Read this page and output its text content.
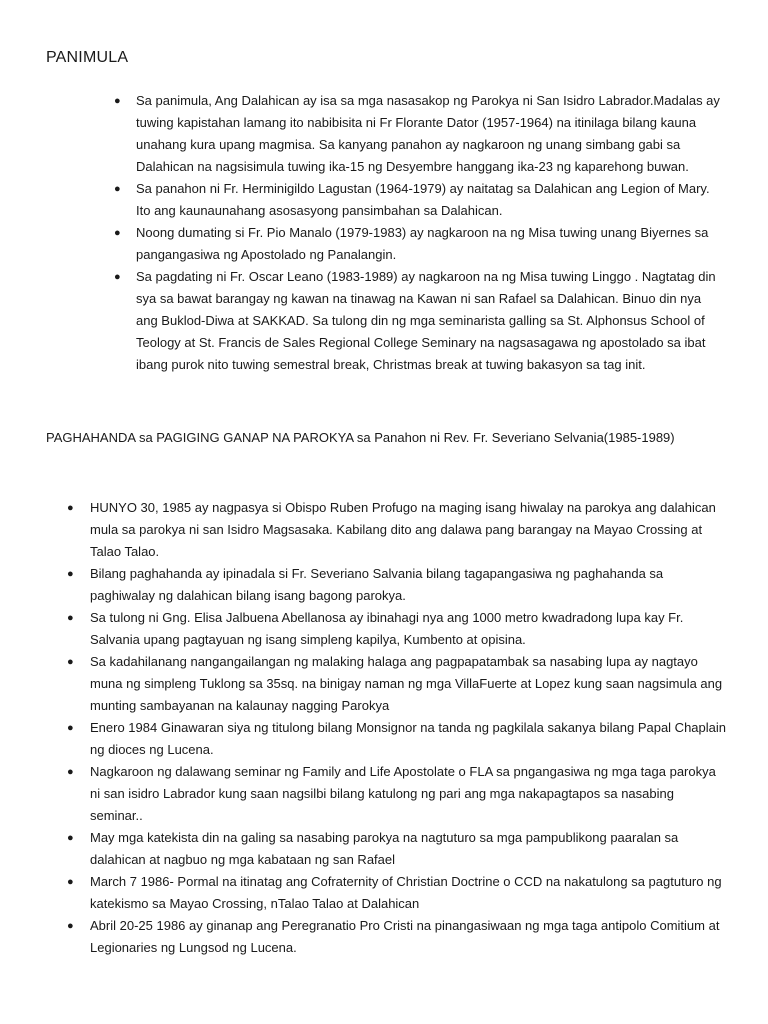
PANIMULA
● Sa panimula, Ang Dalahican ay isa sa mga nasasakop ng Parokya ni San Isidro Labrador.Madalas ay tuwing kapistahan lamang ito nabibisita ni Fr Florante Dator (1957-1964) na itinilaga bilang kauna unahang kura upang magmisa. Sa kanyang panahon ay nagkaroon ng unang simbang gabi sa Dalahican na nagsisimula tuwing ika-15 ng Desyembre hanggang ika-23 ng kaparehong buwan.
● Sa panahon ni Fr. Herminigildo Lagustan (1964-1979) ay naitatag sa Dalahican ang Legion of Mary. Ito ang kaunaunahang asosasyong pansimbahan sa Dalahican.
● Noong dumating si Fr. Pio Manalo (1979-1983) ay nagkaroon na ng Misa tuwing unang Biyernes sa pangangasiwa ng Apostolado ng Panalangin.
● Sa pagdating ni Fr. Oscar Leano (1983-1989) ay nagkaroon na ng Misa tuwing Linggo . Nagtatag din sya sa bawat barangay ng kawan na tinawag na Kawan ni san Rafael sa Dalahican. Binuo din nya ang Buklod-Diwa at SAKKAD. Sa tulong din ng mga seminarista galling sa St. Alphonsus School of Teology at St. Francis de Sales Regional College Seminary na nagsasagawa ng apostolado sa ibat ibang purok nito tuwing semestral break, Christmas break at tuwing bakasyon sa tag init.
PAGHAHANDA sa PAGIGING GANAP NA PAROKYA sa Panahon ni Rev. Fr. Severiano Selvania(1985-1989)
● HUNYO 30, 1985 ay nagpasya si Obispo Ruben Profugo na maging isang hiwalay na parokya ang dalahican mula sa parokya ni san Isidro Magsasaka. Kabilang dito ang dalawa pang barangay na Mayao Crossing at Talao Talao.
● Bilang paghahanda ay ipinadala si Fr. Severiano Salvania bilang tagapangasiwa ng paghahanda sa paghiwalay ng dalahican bilang isang bagong parokya.
● Sa tulong ni Gng. Elisa Jalbuena Abellanosa ay ibinahagi nya ang 1000 metro kwadradong lupa kay Fr. Salvania upang pagtayuan ng isang simpleng kapilya, Kumbento at opisina.
● Sa kadahilanang nangangailangan ng malaking halaga ang pagpapatambak sa nasabing lupa ay nagtayo muna ng simpleng Tuklong sa 35sq. na binigay naman ng mga VillaFuerte at Lopez kung saan nagsimula ang munting sambayanan na kalaunay nagging Parokya
● Enero 1984 Ginawaran siya ng titulong bilang Monsignor na tanda ng pagkilala sakanya bilang Papal Chaplain ng dioces ng Lucena.
● Nagkaroon ng dalawang seminar ng Family and Life Apostolate o FLA sa pngangasiwa ng mga taga parokya ni san isidro Labrador kung saan nagsilbi bilang katulong ng pari ang mga nakapagtapos sa nasabing seminar..
● May mga katekista din na galing sa nasabing parokya na nagtuturo sa mga pampublikong paaralan sa dalahican at nagbuo ng mga kabataan ng san Rafael
● March 7 1986- Pormal na itinatag ang Cofraternity of Christian Doctrine o CCD na nakatulong sa pagtuturo ng katekismo sa Mayao Crossing, nTalao Talao at Dalahican
● Abril 20-25 1986 ay ginanap ang Peregranatio Pro Cristi na pinangasiwaan ng mga taga antipolo Comitium at Legionaries ng Lungsod ng Lucena.
